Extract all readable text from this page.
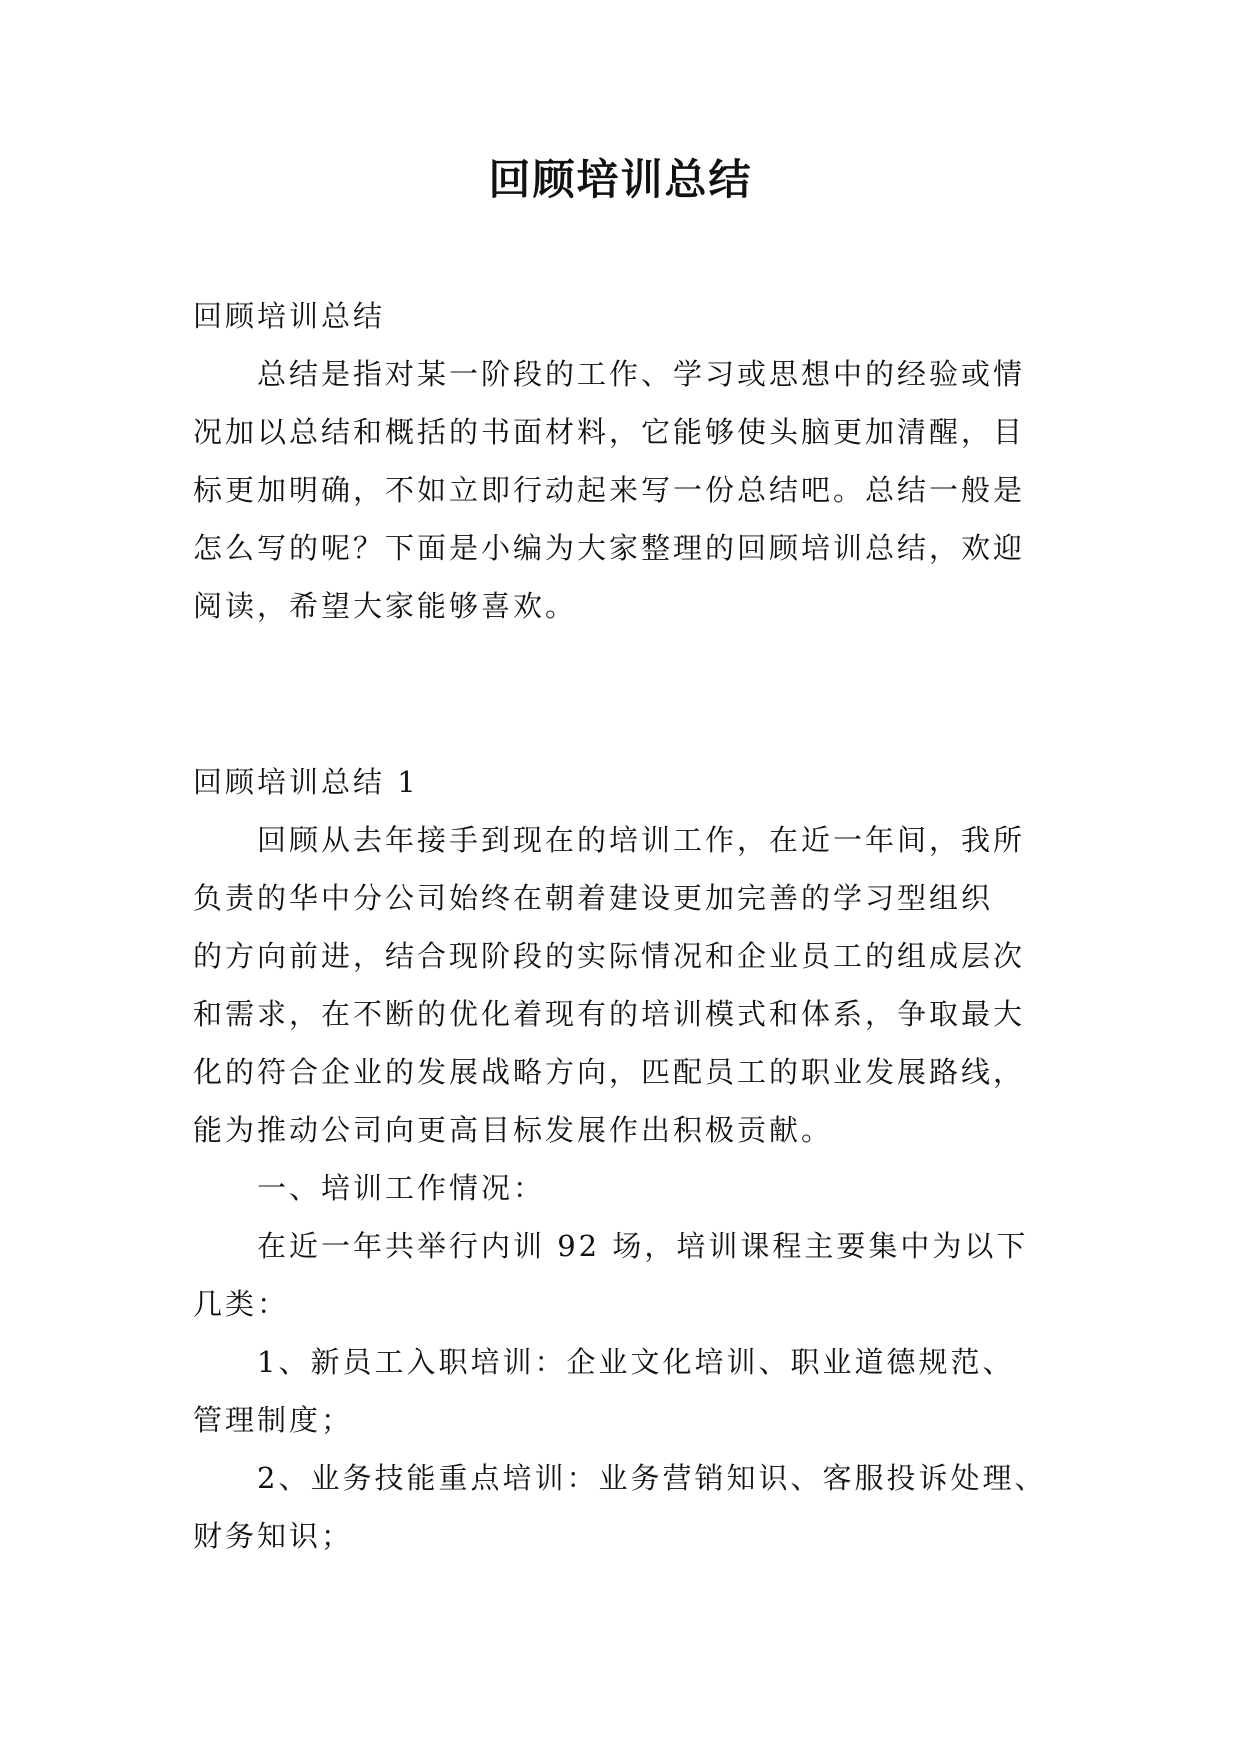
回顾培训总结
回顾培训总结
总结是指对某一阶段的工作、学习或思想中的经验或情
况加以总结和概括的书面材料，它能够使头脑更加清醒，目
标更加明确，不如立即行动起来写一份总结吧。总结一般是
怎么写的呢？下面是小编为大家整理的回顾培训总结，欢迎
阅读，希望大家能够喜欢。
回顾培训总结 1
回顾从去年接手到现在的培训工作，在近一年间，我所
负责的华中分公司始终在朝着建设更加完善的学习型组织
的方向前进，结合现阶段的实际情况和企业员工的组成层次
和需求，在不断的优化着现有的培训模式和体系，争取最大
化的符合企业的发展战略方向，匹配员工的职业发展路线，
能为推动公司向更高目标发展作出积极贡献。
一、培训工作情况：
在近一年共举行内训 92 场，培训课程主要集中为以下
几类：
1、新员工入职培训：企业文化培训、职业道德规范、
管理制度；
2、业务技能重点培训：业务营销知识、客服投诉处理、
财务知识；
